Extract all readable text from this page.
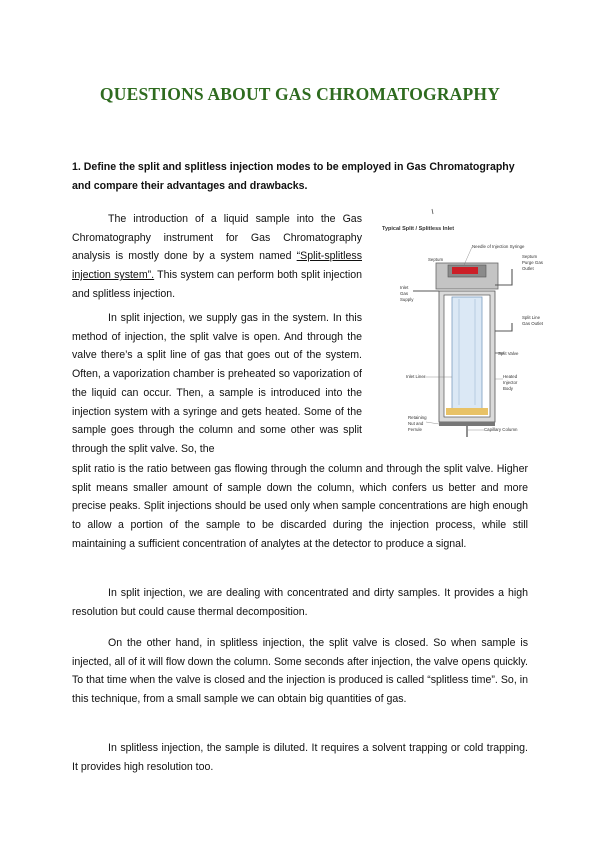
QUESTIONS ABOUT GAS CHROMATOGRAPHY

1. Define the split and splitless injection modes to be employed in Gas Chromatography and compare their advantages and drawbacks.

The introduction of a liquid sample into the Gas Chromatography instrument for Gas Chromatography analysis is mostly done by a system named “Split-splitless injection system”. This system can perform both split injection and splitless injection.

In split injection, we supply gas in the system. In this method of injection, the split valve is open. And through the valve there’s a split line of gas that goes out of the system. Often, a vaporization chamber is preheated so vaporization of the liquid can occur. Then, a sample is introduced into the injection system with a syringe and gets heated. Some of the sample goes through the column and some other was split through the split valve. So, the

split ratio is the ratio between gas flowing through the column and through the split valve. Higher split means smaller amount of sample down the column, which confers us better and more precise peaks. Split injections should be used only when sample concentrations are high enough to allow a portion of the sample to be discarded during the injection process, while still maintaining a sufficient concentration of analytes at the detector to produce a signal.

In split injection, we are dealing with concentrated and dirty samples. It provides a high resolution but could cause thermal decomposition.

On the other hand, in splitless injection, the split valve is closed. So when sample is injected, all of it will flow down the column. Some seconds after injection, the valve opens quickly. To that time when the valve is closed and the injection is produced is called “splitless time”. So, in this technique, from a small sample we can obtain big quantities of gas.

In splitless injection, the sample is diluted. It requires a solvent trapping or cold trapping. It provides high resolution too.

Typical Split / Splitless Inlet
Needle of Injection Syringe
Septum
Septum
Purge Gas
Outlet
Inlet
Gas
Supply
Split Line
Gas Outlet
Split Valve
Inlet Liner	Heated
Injector
Body
Retaining
Nut and
Ferrule	Capillary Column
